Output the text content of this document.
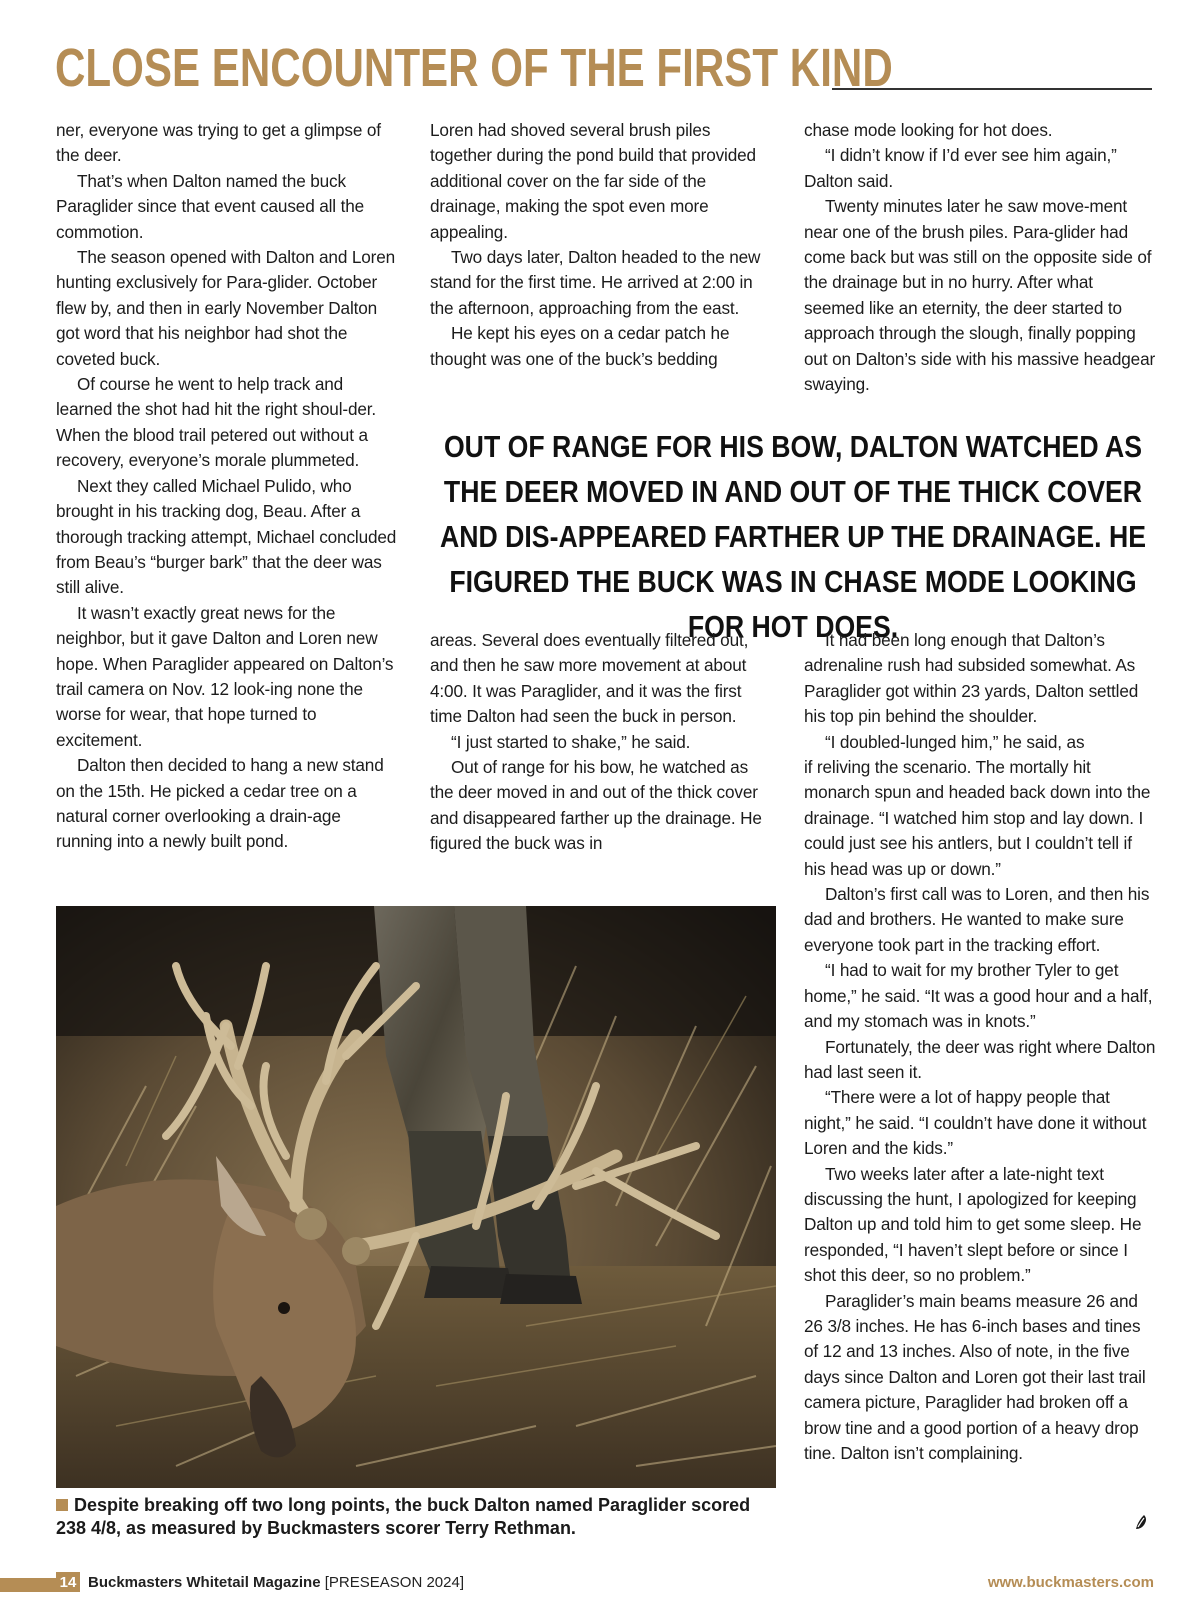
CLOSE ENCOUNTER OF THE FIRST KIND

ner, everyone was trying to get a glimpse of the deer.

That’s when Dalton named the buck Paraglider since that event caused all the commotion.

The season opened with Dalton and Loren hunting exclusively for Para-glider. October flew by, and then in early November Dalton got word that his neighbor had shot the coveted buck.

Of course he went to help track and learned the shot had hit the right shoul-der. When the blood trail petered out without a recovery, everyone’s morale plummeted.

Next they called Michael Pulido, who brought in his tracking dog, Beau. After a thorough tracking attempt, Michael concluded from Beau’s “burger bark” that the deer was still alive.

It wasn’t exactly great news for the neighbor, but it gave Dalton and Loren new hope. When Paraglider appeared on Dalton’s trail camera on Nov. 12 look-ing none the worse for wear, that hope turned to excitement.

Dalton then decided to hang a new stand on the 15th. He picked a cedar tree on a natural corner overlooking a drain-age running into a newly built pond.

Loren had shoved several brush piles together during the pond build that provided additional cover on the far side of the drainage, making the spot even more appealing.

Two days later, Dalton headed to the new stand for the first time. He arrived at 2:00 in the afternoon, approaching from the east.

He kept his eyes on a cedar patch he thought was one of the buck’s bedding

chase mode looking for hot does.

“I didn’t know if I’d ever see him again,” Dalton said.

Twenty minutes later he saw move-ment near one of the brush piles. Para-glider had come back but was still on the opposite side of the drainage but in no hurry. After what seemed like an eternity, the deer started to approach through the slough, finally popping out on Dalton’s side with his massive headgear swaying.

OUT OF RANGE FOR HIS BOW, DALTON WATCHED AS THE DEER MOVED IN AND OUT OF THE THICK COVER AND DIS-APPEARED FARTHER UP THE DRAINAGE. HE FIGURED THE BUCK WAS IN CHASE MODE LOOKING FOR HOT DOES.

areas. Several does eventually filtered out, and then he saw more movement at about 4:00. It was Paraglider, and it was the first time Dalton had seen the buck in person.

“I just started to shake,” he said.

Out of range for his bow, he watched as the deer moved in and out of the thick cover and disappeared farther up the drainage. He figured the buck was in

It had been long enough that Dalton’s adrenaline rush had subsided somewhat. As Paraglider got within 23 yards, Dalton settled his top pin behind the shoulder.

“I doubled-lunged him,” he said, as

if reliving the scenario. The mortally hit monarch spun and headed back down into the drainage. “I watched him stop and lay down. I could just see his antlers, but I couldn’t tell if his head was up or down.”

Dalton’s first call was to Loren, and then his dad and brothers. He wanted to make sure everyone took part in the tracking effort.

“I had to wait for my brother Tyler to get home,” he said. “It was a good hour and a half, and my stomach was in knots.”

Fortunately, the deer was right where Dalton had last seen it.

“There were a lot of happy people that night,” he said. “I couldn’t have done it without Loren and the kids.”

Two weeks later after a late-night text discussing the hunt, I apologized for keeping Dalton up and told him to get some sleep. He responded, “I haven’t slept before or since I shot this deer, so no problem.”

Paraglider’s main beams measure 26 and 26 3/8 inches. He has 6-inch bases and tines of 12 and 13 inches. Also of note, in the five days since Dalton and Loren got their last trail camera picture, Paraglider had broken off a brow tine and a good portion of a heavy drop tine. Dalton isn’t complaining.

Despite breaking off two long points, the buck Dalton named Paraglider scored 238 4/8, as measured by Buckmasters scorer Terry Rethman.
14 Buckmasters Whitetail Magazine [PRESEASON 2024]	www.buckmasters.com
